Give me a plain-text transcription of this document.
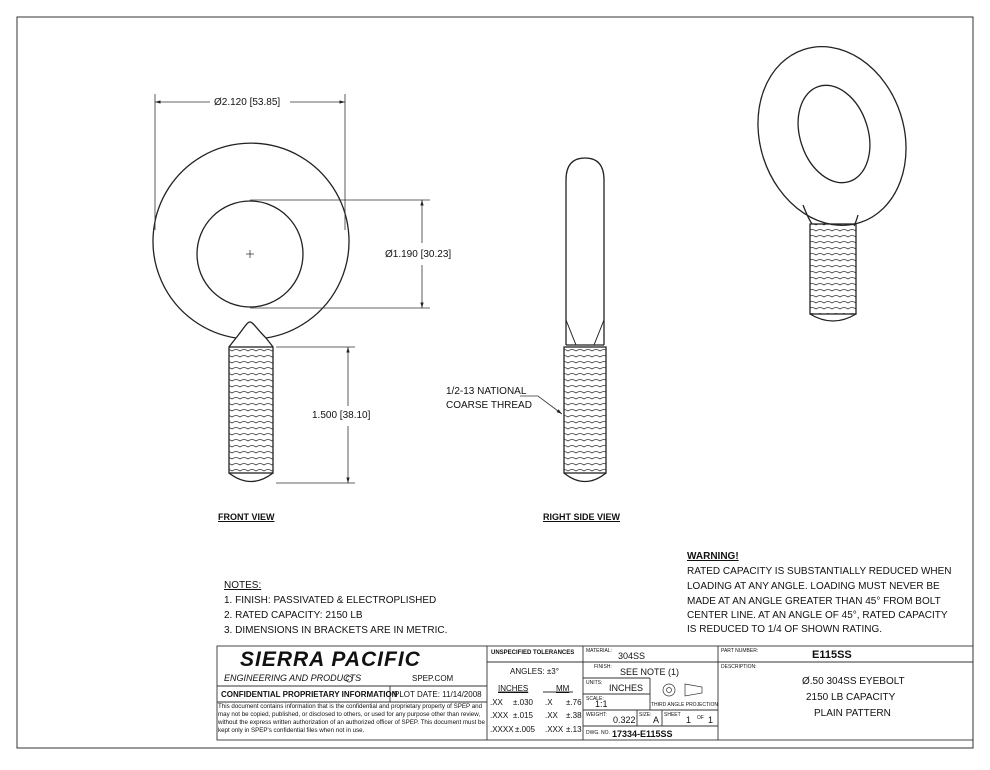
Ø2.120 [53.85]
Ø1.190 [30.23]
1.500 [38.10]
1/2-13 NATIONAL
COARSE THREAD
FRONT VIEW	RIGHT SIDE VIEW
WARNING!
RATED CAPACITY IS SUBSTANTIALLY REDUCED WHEN
LOADING AT ANY ANGLE. LOADING MUST NEVER BE
MADE AT AN ANGLE GREATER THAN 45° FROM BOLT
CENTER LINE. AT AN ANGLE OF 45°, RATED CAPACITY
IS REDUCED TO 1/4 OF SHOWN RATING.
NOTES:
1. FINISH: PASSIVATED & ELECTROPLISHED
2. RATED CAPACITY: 2150 LB
3. DIMENSIONS IN BRACKETS ARE IN METRIC.
SIERRA PACIFIC
ENGINEERING AND PRODUCTS	SPEP.COM
CONFIDENTIAL PROPRIETARY INFORMATION
PLOT DATE: 11/14/2008
This document contains information that is the confidential and proprietary property of SPEP and may not be copied, published, or disclosed to others, or used for any purpose other than review, without the express written authorization of an authorized officer of SPEP. This document must be kept only in SPEP's confidential files when not in use.
UNSPECIFIED TOLERANCES
ANGLES: ±3°
INCHES	MM
.XX ±.030 .X ±.76
.XXX ±.015 .XX ±.38
.XXXX ±.005 .XXX ±.13
MATERIAL: 304SS
FINISH: SEE NOTE (1)
UNITS: INCHES
SCALE:
1:1	THIRD ANGLE PROJECTION
WEIGHT: 0.322 SIZE: A SHEET 1 OF 1
DWG. NO. 17334-E115SS
PART NUMBER:	E115SS
DESCRIPTION:
Ø.50 304SS EYEBOLT
2150 LB CAPACITY
PLAIN PATTERN
